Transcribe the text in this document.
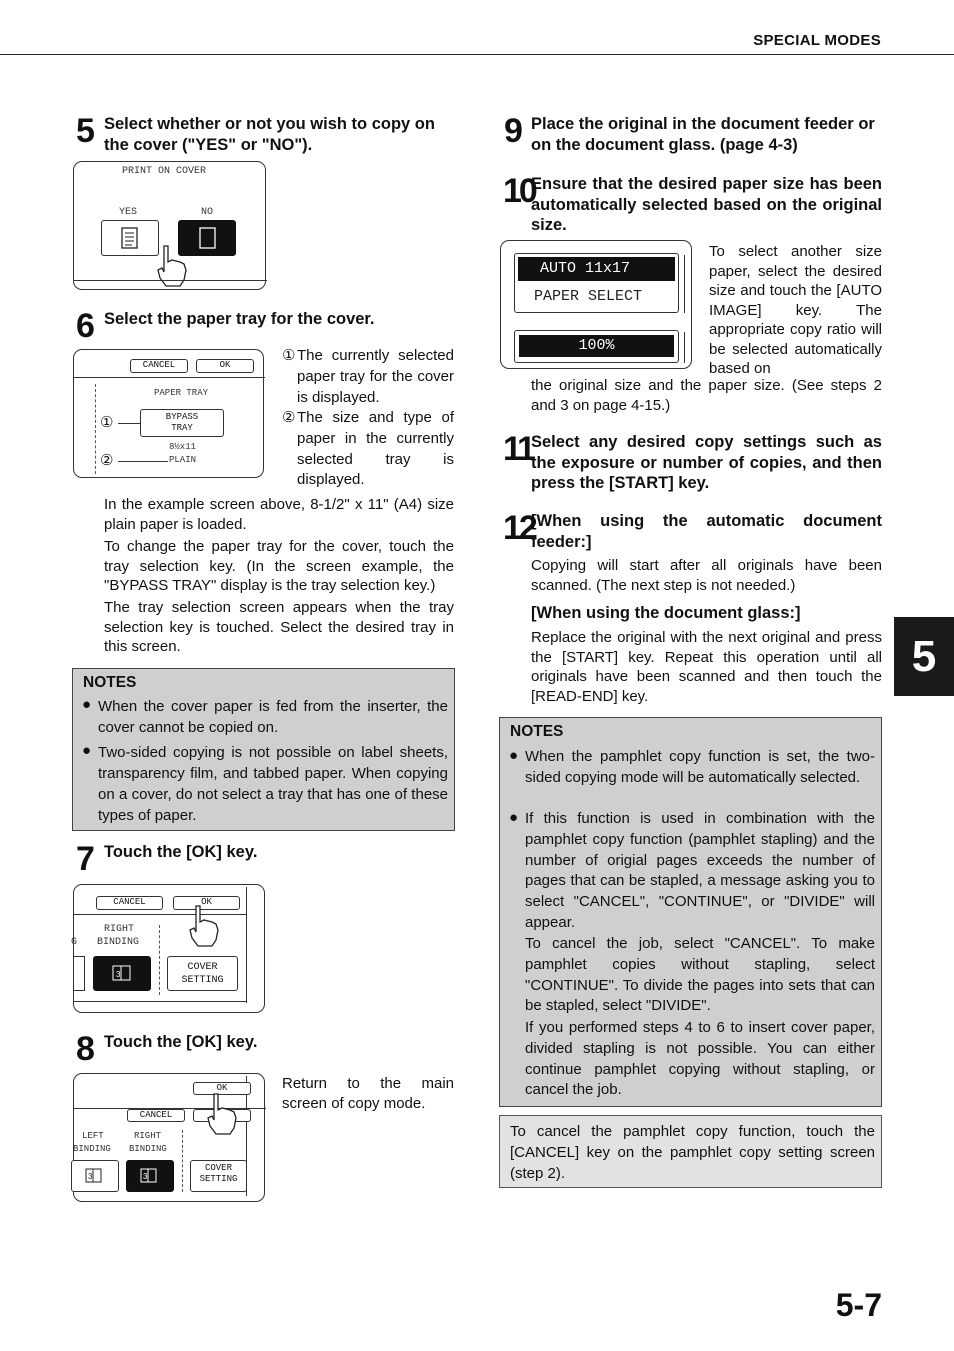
SPECIAL MODES
5 Select whether or not you wish to copy on the cover ("YES" or "NO").
PRINT ON COVER
YES	NO
6 Select the paper tray for the cover.
CANCEL	OK
PAPER TRAY
BYPASS
TRAY
8½x11
PLAIN
①
②
① The currently selected paper tray for the cover is displayed.
② The size and type of paper in the currently selected tray is displayed.
In the example screen above, 8-1/2" x 11" (A4) size plain paper is loaded.
To change the paper tray for the cover, touch the tray selection key. (In the screen example, the "BYPASS TRAY" display is the tray selection key.)
The tray selection screen appears when the tray selection key is touched. Select the desired tray in this screen.
NOTES
● When the cover paper is fed from the inserter, the cover cannot be copied on.
● Two-sided copying is not possible on label sheets, transparency film, and tabbed paper. When copying on a cover, do not select a tray that has one of these types of paper.
7 Touch the [OK] key.
CANCEL	OK
G
RIGHT
BINDING
3
COVER
SETTING
8 Touch the [OK] key.
OK
CANCEL
LEFT
BINDING
RIGHT
BINDING
3	3
COVER
SETTING
Return to the main screen of copy mode.
9 Place the original in the document feeder or on the document glass. (page 4-3)
10
Ensure that the desired paper size has been automatically selected based on the original size.
AUTO 11x17
PAPER SELECT
100%
To select another size paper, select the desired size and touch the [AUTO IMAGE] key. The appropriate copy ratio will be selected automatically based on
the original size and the paper size. (See steps 2 and 3 on page 4-15.)
11
Select any desired copy settings such as the exposure or number of copies, and then press the [START] key.
12
[When using the automatic document feeder:]
Copying will start after all originals have been scanned. (The next step is not needed.)
[When using the document glass:]
Replace the original with the next original and press the [START] key. Repeat this operation until all originals have been scanned and then touch the [READ-END] key.
NOTES
● When the pamphlet copy function is set, the two-sided copying mode will be automatically selected.
● If this function is used in combination with the pamphlet copy function (pamphlet stapling) and the number of origial pages exceeds the number of pages that can be stapled, a message asking you to select "CANCEL", "CONTINUE", or "DIVIDE" will appear.
To cancel the job, select "CANCEL". To make pamphlet copies without stapling, select "CONTINUE". To divide the pages into sets that can be stapled, select "DIVIDE".
If you performed steps 4 to 6 to insert cover paper, divided stapling is not possible. You can either continue pamphlet copying without stapling, or cancel the job.
To cancel the pamphlet copy function, touch the [CANCEL] key on the pamphlet copy setting screen (step 2).
5
5-7
